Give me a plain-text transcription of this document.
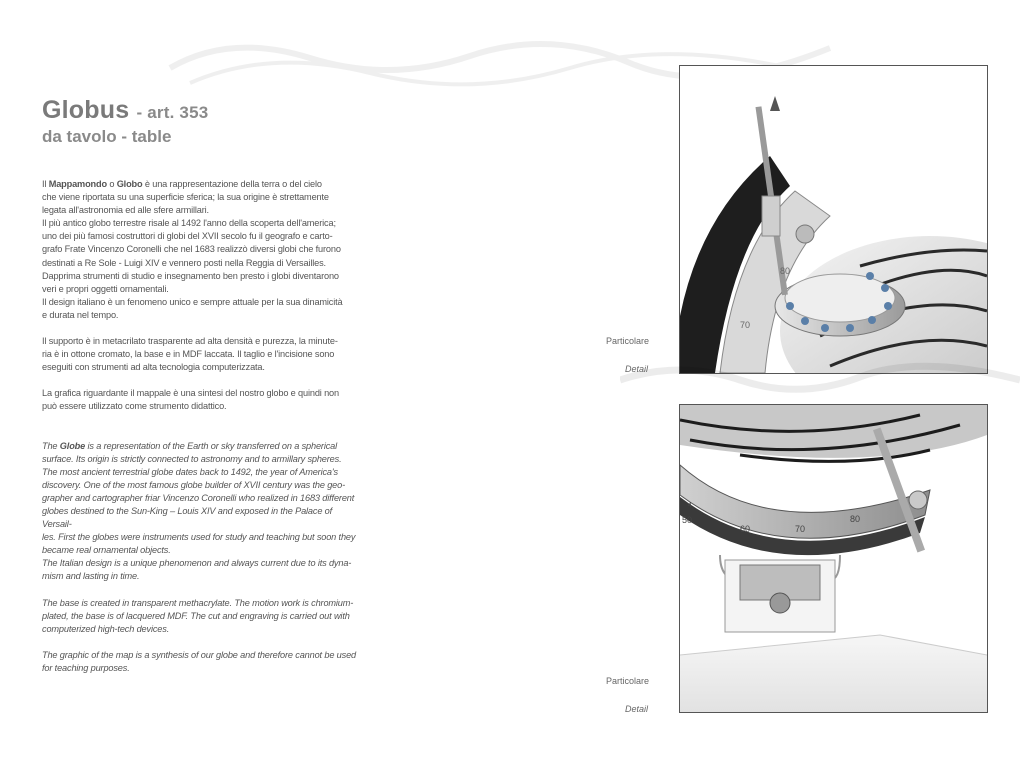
Globus - art. 353
da tavolo - table

Il Mappamondo o Globo è una rappresentazione della terra o del cielo

che viene riportata su una superficie sferica; la sua origine è strettamente

legata all'astronomia ed alle sfere armillari.

Il più antico globo terrestre risale al 1492 l'anno della scoperta dell'america;

uno dei più famosi costruttori di globi del XVII secolo fu il geografo e carto-

grafo Frate Vincenzo Coronelli che nel 1683 realizzò diversi globi che furono

destinati a Re Sole - Luigi XIV e vennero posti nella Reggia di Versailles.

Dapprima strumenti di studio e insegnamento ben presto i globi diventarono

veri e propri oggetti ornamentali.

Il design italiano è un fenomeno unico e sempre attuale per la sua dinamicità

e durata nel tempo.

Il supporto è in metacrilato trasparente ad alta densità e purezza, la minute-

ria è in ottone cromato, la base e in MDF laccata. Il taglio e l'incisione sono

eseguiti con strumenti ad alta tecnologia computerizzata.

La grafica riguardante il mappale è una sintesi del nostro globo e quindi non

può essere utilizzato come strumento didattico.

The Globe is a representation of the Earth or sky transferred on a spherical

surface. Its origin is strictly connected to astronomy and to armillary spheres.

The most ancient terrestrial globe dates back to 1492, the year of America's

discovery. One of the most famous globe builder of XVII century was the geo-

grapher and cartographer friar Vincenzo Coronelli who realized in 1683 different

globes destined to the Sun-King – Louis XIV and exposed in the Palace of Versail-

les. First the globes were instruments used for study and teaching but soon they

became real ornamental objects.

The Italian design is a unique phenomenon and always current due to its dyna-

mism and lasting in time.

The base is created in transparent methacrylate. The motion work is chromium-

plated, the base is of lacquered MDF. The cut and engraving is carried out with

computerized high-tech devices.

The graphic of the map is a synthesis of our globe and therefore cannot be used

for teaching purposes.

Particolare
Detail
Particolare
Detail
80
70
50
60	70
80
4
